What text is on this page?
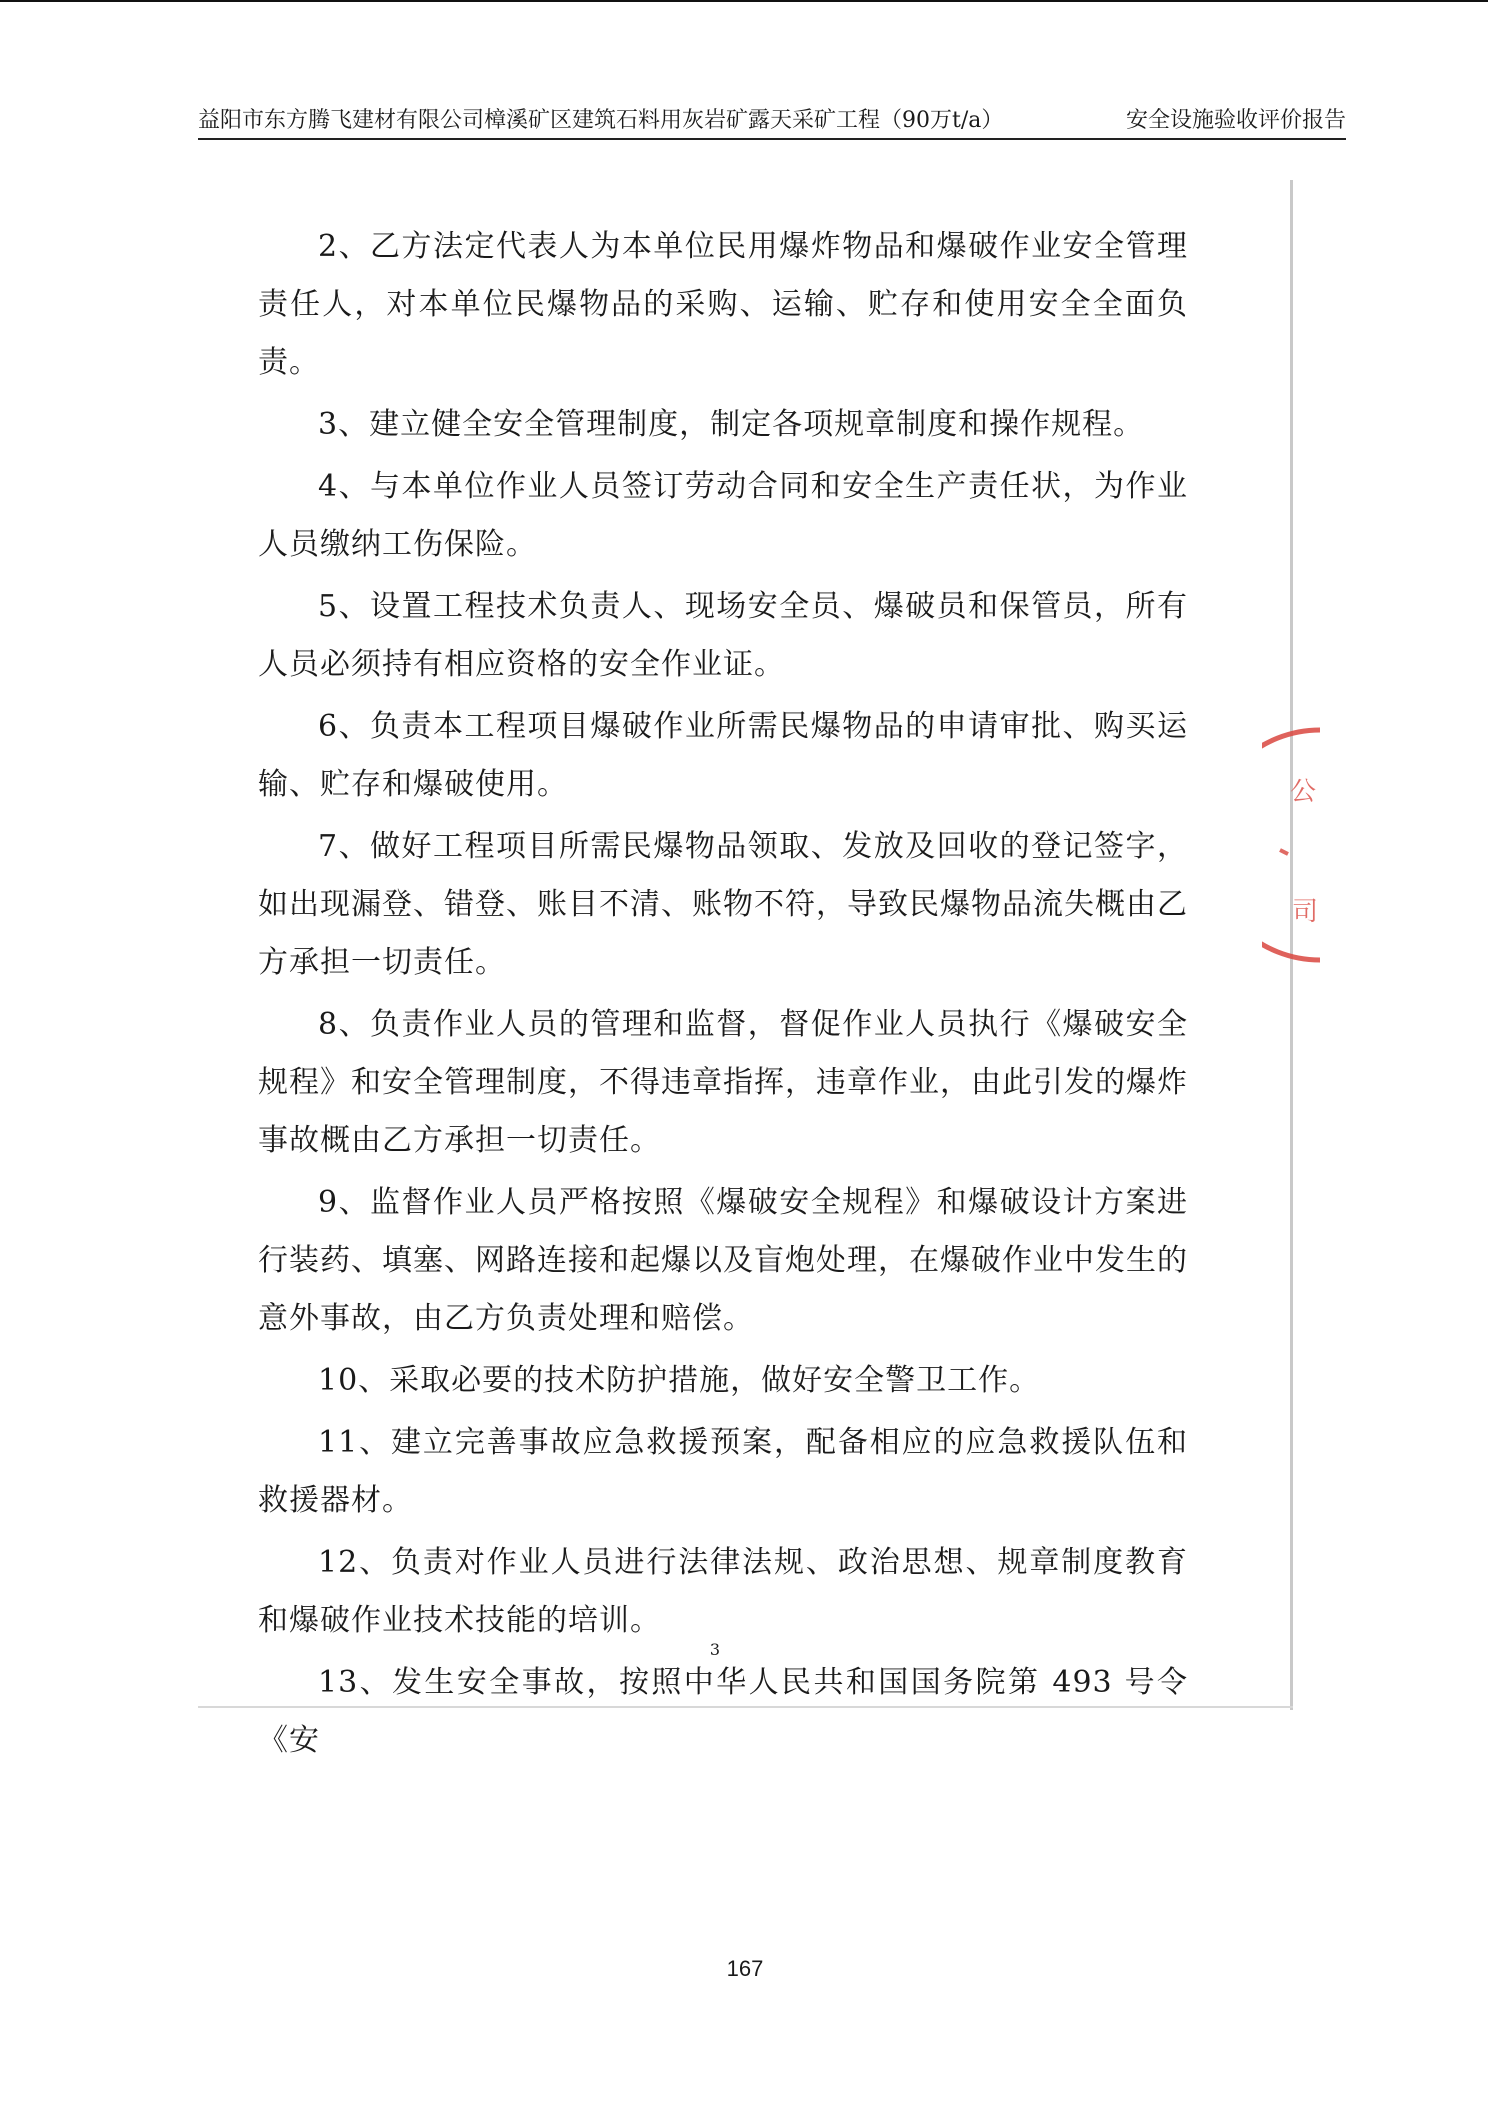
益阳市东方腾飞建材有限公司樟溪矿区建筑石料用灰岩矿露天采矿工程（90万t/a）	安全设施验收评价报告

2、乙方法定代表人为本单位民用爆炸物品和爆破作业安全管理责任人，对本单位民爆物品的采购、运输、贮存和使用安全全面负责。

3、建立健全安全管理制度，制定各项规章制度和操作规程。

4、与本单位作业人员签订劳动合同和安全生产责任状，为作业人员缴纳工伤保险。

5、设置工程技术负责人、现场安全员、爆破员和保管员，所有人员必须持有相应资格的安全作业证。

6、负责本工程项目爆破作业所需民爆物品的申请审批、购买运输、贮存和爆破使用。

7、做好工程项目所需民爆物品领取、发放及回收的登记签字，如出现漏登、错登、账目不清、账物不符，导致民爆物品流失概由乙方承担一切责任。

8、负责作业人员的管理和监督，督促作业人员执行《爆破安全规程》和安全管理制度，不得违章指挥，违章作业，由此引发的爆炸事故概由乙方承担一切责任。

9、监督作业人员严格按照《爆破安全规程》和爆破设计方案进行装药、填塞、网路连接和起爆以及盲炮处理，在爆破作业中发生的意外事故，由乙方负责处理和赔偿。

10、采取必要的技术防护措施，做好安全警卫工作。

11、建立完善事故应急救援预案，配备相应的应急救援队伍和救援器材。

12、负责对作业人员进行法律法规、政治思想、规章制度教育和爆破作业技术技能的培训。

13、发生安全事故，按照中华人民共和国国务院第 493 号令《安

3
公
司
167
